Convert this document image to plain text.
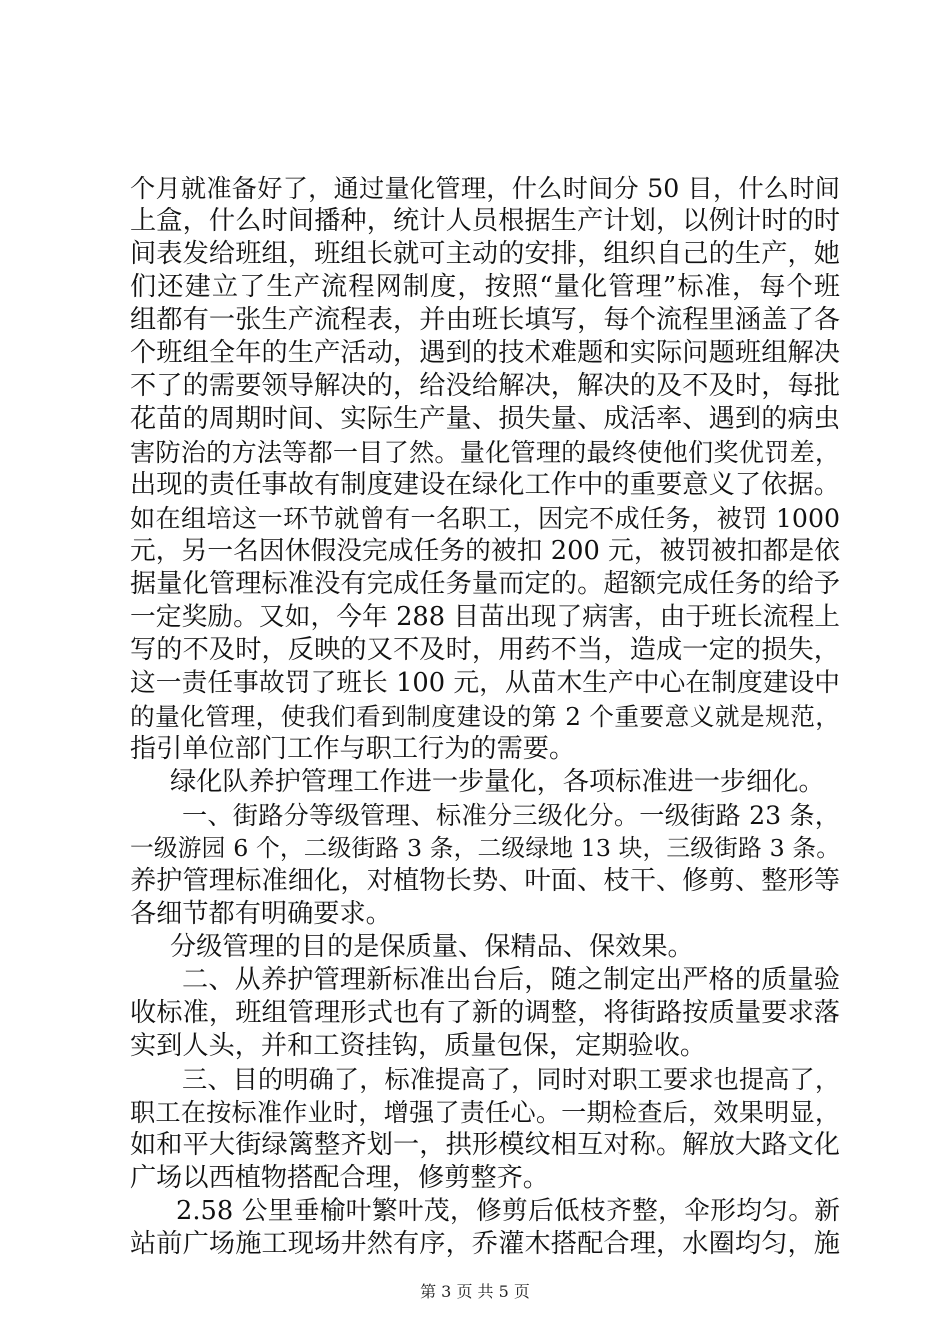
个月就准备好了，通过量化管理，什么时间分 50 目，什么时间
上盒，什么时间播种，统计人员根据生产计划，以例计时的时
间表发给班组，班组长就可主动的安排，组织自己的生产，她
们还建立了生产流程网制度，按照“量化管理”标准，每个班
组都有一张生产流程表，并由班长填写，每个流程里涵盖了各
个班组全年的生产活动，遇到的技术难题和实际问题班组解决
不了的需要领导解决的，给没给解决，解决的及不及时，每批
花苗的周期时间、实际生产量、损失量、成活率、遇到的病虫
害防治的方法等都一目了然。量化管理的最终使他们奖优罚差，
出现的责任事故有制度建设在绿化工作中的重要意义了依据。
如在组培这一环节就曾有一名职工，因完不成任务，被罚 1000
元，另一名因休假没完成任务的被扣 200 元，被罚被扣都是依
据量化管理标准没有完成任务量而定的。超额完成任务的给予
一定奖励。又如，今年 288 目苗出现了病害，由于班长流程上
写的不及时，反映的又不及时，用药不当，造成一定的损失，
这一责任事故罚了班长 100 元，从苗木生产中心在制度建设中
的量化管理，使我们看到制度建设的第 2 个重要意义就是规范，
指引单位部门工作与职工行为的需要。
绿化队养护管理工作进一步量化，各项标准进一步细化。
一、街路分等级管理、标准分三级化分。一级街路 23 条，
一级游园 6 个，二级街路 3 条，二级绿地 13 块，三级街路 3 条。
养护管理标准细化，对植物长势、叶面、枝干、修剪、整形等
各细节都有明确要求。
分级管理的目的是保质量、保精品、保效果。
二、从养护管理新标准出台后，随之制定出严格的质量验
收标准，班组管理形式也有了新的调整，将街路按质量要求落
实到人头，并和工资挂钩，质量包保，定期验收。
三、目的明确了，标准提高了，同时对职工要求也提高了，
职工在按标准作业时，增强了责任心。一期检查后，效果明显，
如和平大街绿篱整齐划一，拱形模纹相互对称。解放大路文化
广场以西植物搭配合理，修剪整齐。
2.58 公里垂榆叶繁叶茂，修剪后低枝齐整，伞形均匀。新
站前广场施工现场井然有序，乔灌木搭配合理，水圈均匀，施
第 3 页 共 5 页
